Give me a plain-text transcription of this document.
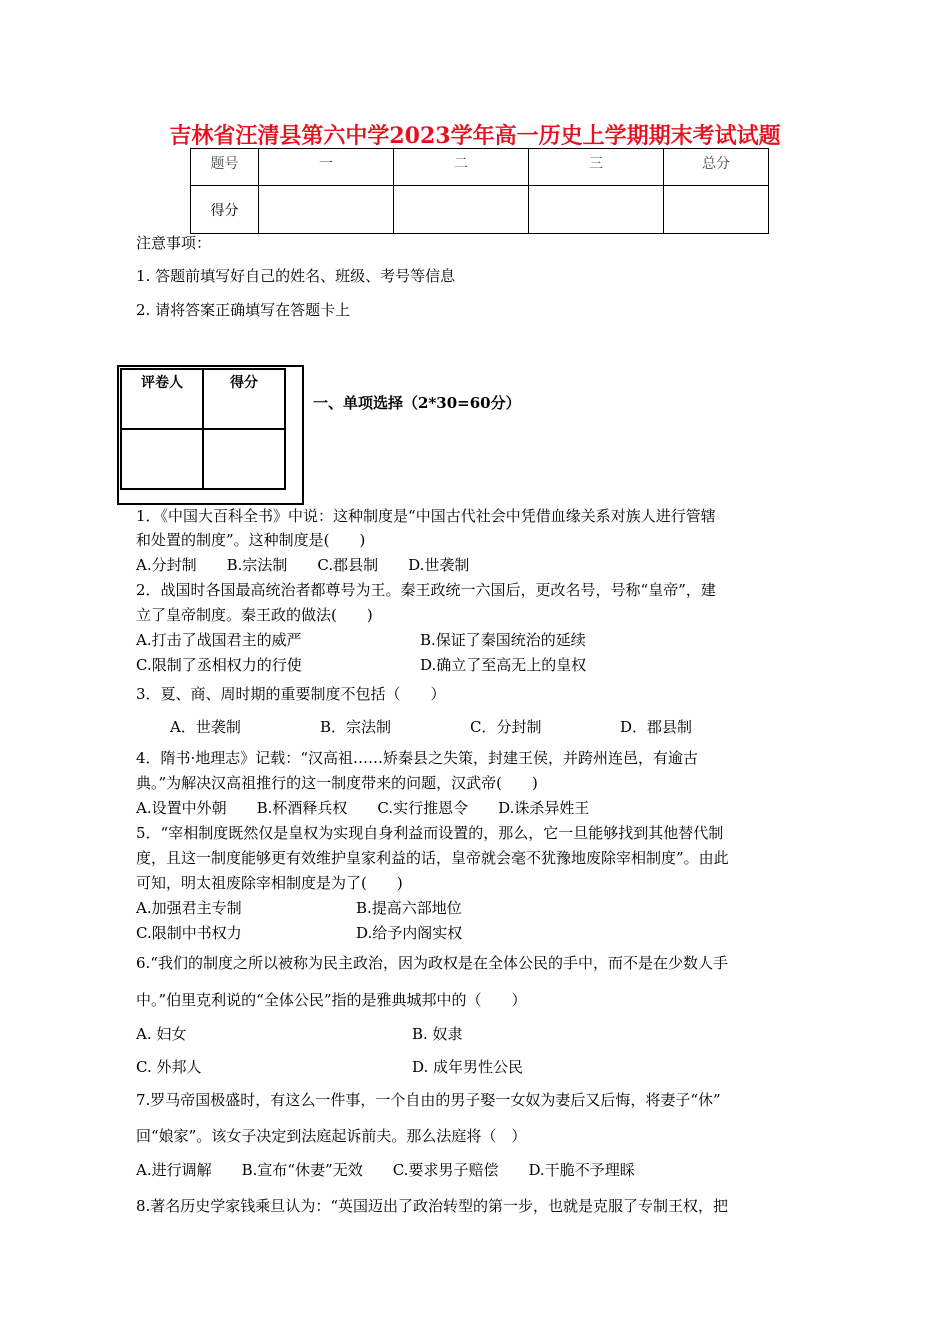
吉林省汪清县第六中学2023学年高一历史上学期期末考试试题
题号	一	二	三	总分
得分				
注意事项：
1. 答题前填写好自己的姓名、班级、考号等信息
2. 请将答案正确填写在答题卡上
评卷人	得分

一、单项选择（2*30=60分）
1．《中国大百科全书》中说：这种制度是“中国古代社会中凭借血缘关系对族人进行管辖
和处置的制度”。这种制度是(　　)
A.分封制　　B.宗法制　　C.郡县制　　D.世袭制
2．战国时各国最高统治者都尊号为王。秦王政统一六国后，更改名号，号称“皇帝”，建
立了皇帝制度。秦王政的做法(　　)
A.打击了战国君主的威严	B.保证了秦国统治的延续
C.限制了丞相权力的行使	D.确立了至高无上的皇权
3．夏、商、周时期的重要制度不包括（　　）
A．世袭制	B．宗法制	C．分封制	D．郡县制
4．隋书·地理志》记载：“汉高祖……矫秦县之失策，封建王侯，并跨州连邑，有逾古
典。”为解决汉高祖推行的这一制度带来的问题，汉武帝(　　)
A.设置中外朝　　B.杯酒释兵权　　C.实行推恩令　　D.诛杀异姓王
5．“宰相制度既然仅是皇权为实现自身利益而设置的，那么，它一旦能够找到其他替代制
度，且这一制度能够更有效维护皇家利益的话，皇帝就会毫不犹豫地废除宰相制度”。由此
可知，明太祖废除宰相制度是为了(　　)
A.加强君主专制	B.提高六部地位
C.限制中书权力	D.给予内阁实权
6.“我们的制度之所以被称为民主政治，因为政权是在全体公民的手中，而不是在少数人手
中。”伯里克利说的“全体公民”指的是雅典城邦中的（　　）
A. 妇女	B. 奴隶
C. 外邦人	D. 成年男性公民
7.罗马帝国极盛时，有这么一件事，一个自由的男子娶一女奴为妻后又后悔，将妻子“休”
回“娘家”。该女子决定到法庭起诉前夫。那么法庭将（　）
A.进行调解　　B.宣布“休妻”无效　　C.要求男子赔偿　　D.干脆不予理睬
8.著名历史学家钱乘旦认为：“英国迈出了政治转型的第一步，也就是克服了专制王权，把
